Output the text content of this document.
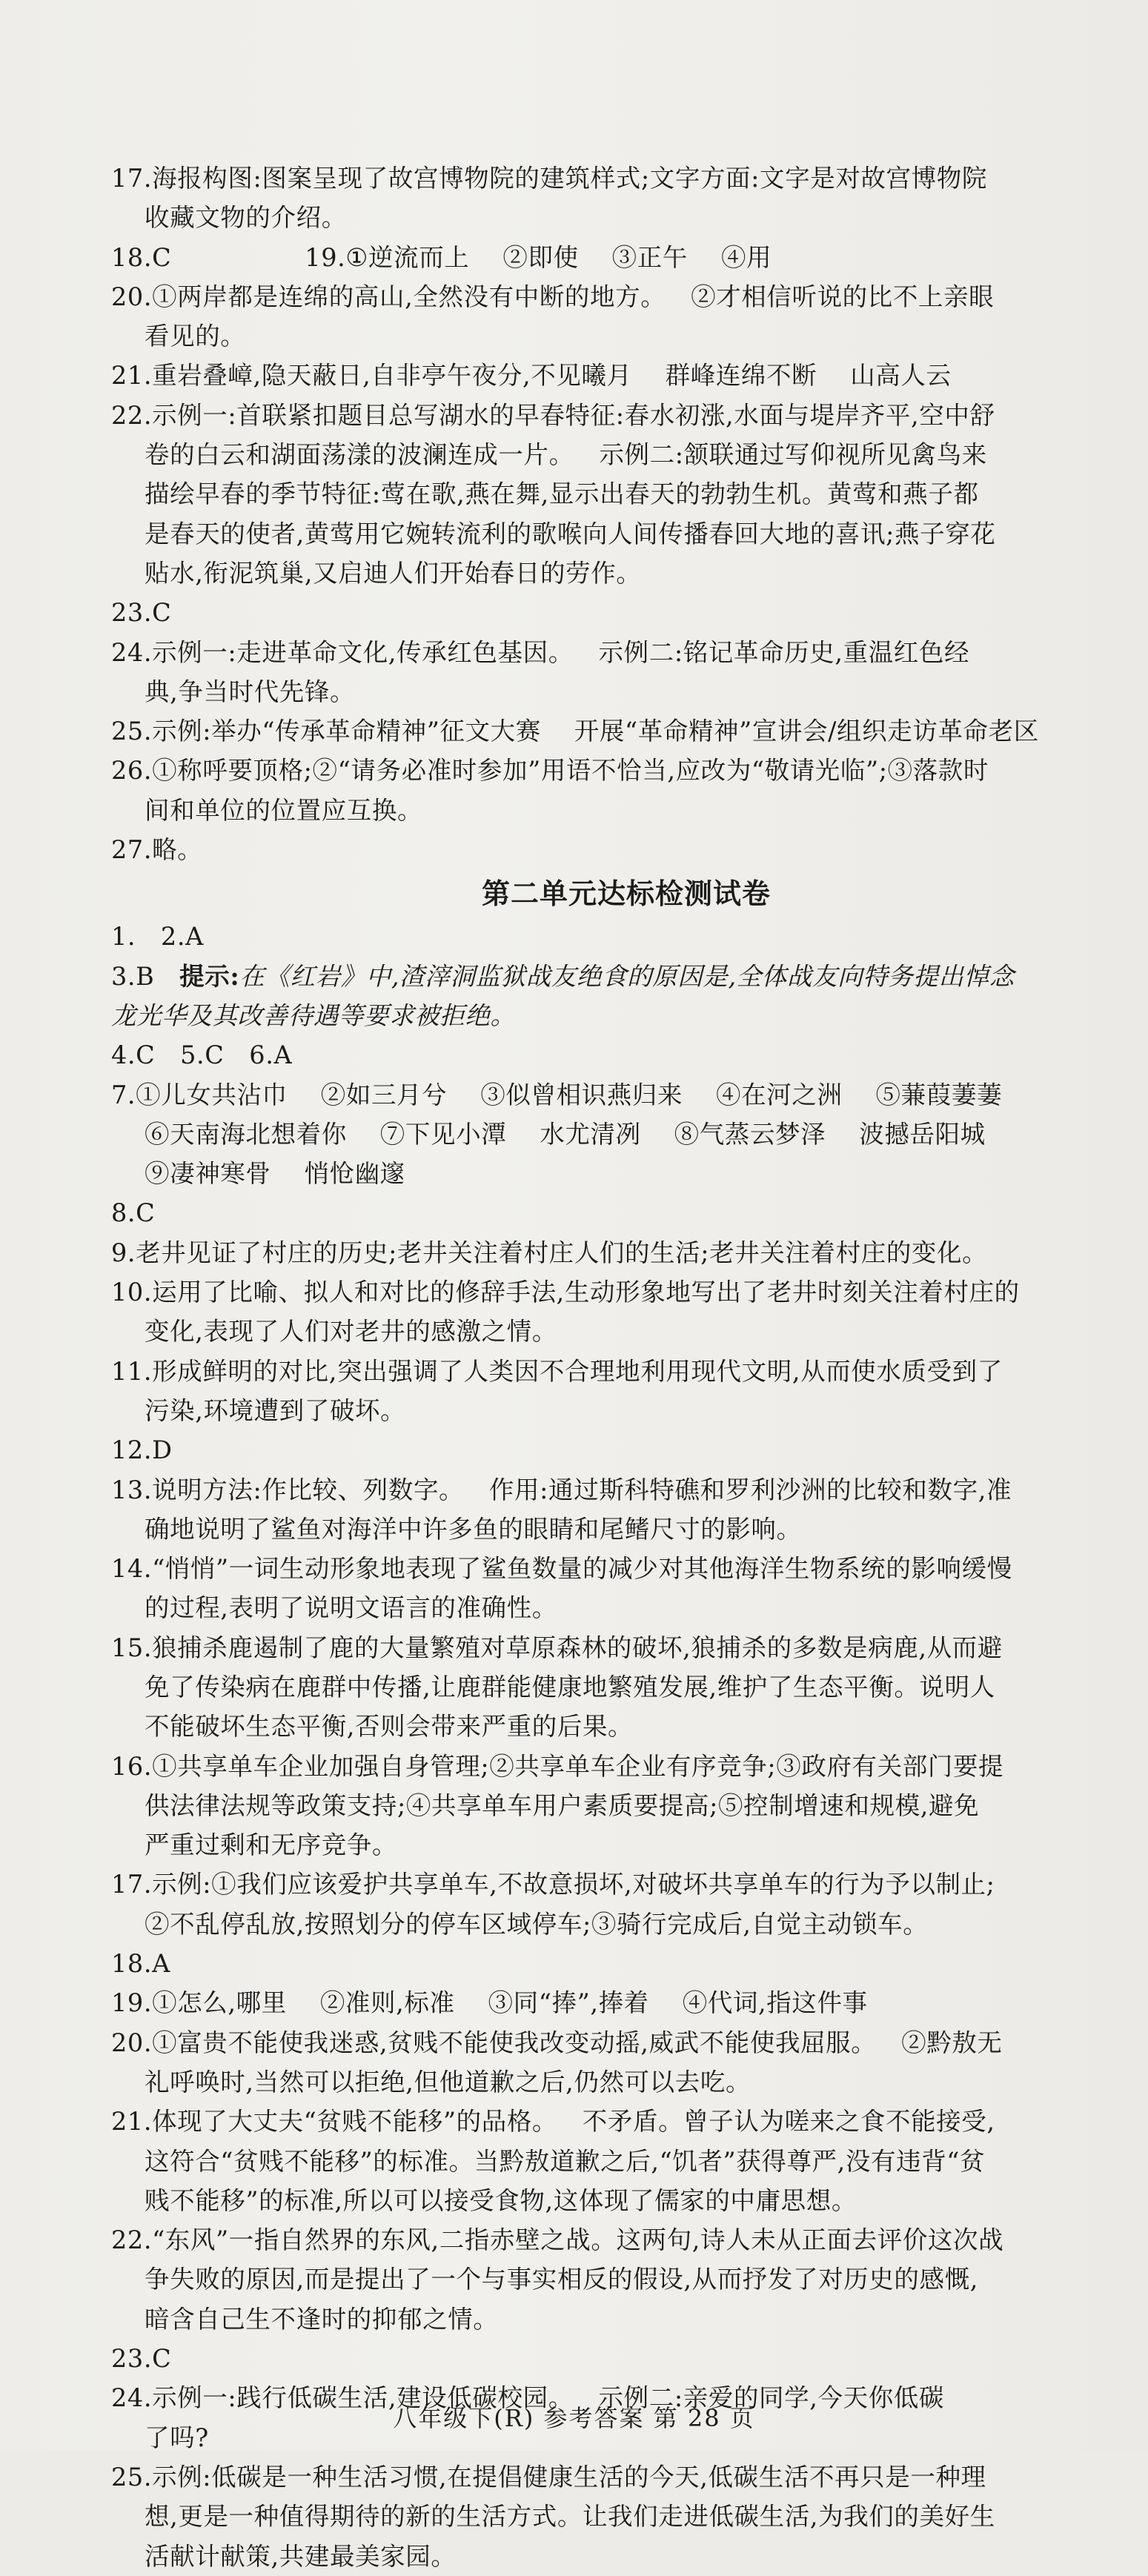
17.海报构图:图案呈现了故宫博物院的建筑样式;文字方面:文字是对故宫博物院
收藏文物的介绍。
18.C                19.①逆流而上    ②即使    ③正午    ④用
20.①两岸都是连绵的高山,全然没有中断的地方。   ②才相信听说的比不上亲眼
看见的。
21.重岩叠嶂,隐天蔽日,自非亭午夜分,不见曦月    群峰连绵不断    山高人云
22.示例一:首联紧扣题目总写湖水的早春特征:春水初涨,水面与堤岸齐平,空中舒
卷的白云和湖面荡漾的波澜连成一片。   示例二:颔联通过写仰视所见禽鸟来
描绘早春的季节特征:莺在歌,燕在舞,显示出春天的勃勃生机。黄莺和燕子都
是春天的使者,黄莺用它婉转流利的歌喉向人间传播春回大地的喜讯;燕子穿花
贴水,衔泥筑巢,又启迪人们开始春日的劳作。
23.C
24.示例一:走进革命文化,传承红色基因。   示例二:铭记革命历史,重温红色经
典,争当时代先锋。
25.示例:举办“传承革命精神”征文大赛    开展“革命精神”宣讲会/组织走访革命老区
26.①称呼要顶格;②“请务必准时参加”用语不恰当,应改为“敬请光临”;③落款时
间和单位的位置应互换。
27.略。
第二单元达标检测试卷
1.   2.A
3.B   提示:在《红岩》中,渣滓洞监狱战友绝食的原因是,全体战友向特务提出悼念
龙光华及其改善待遇等要求被拒绝。
4.C   5.C   6.A
7.①儿女共沾巾    ②如三月兮    ③似曾相识燕归来    ④在河之洲    ⑤蒹葭萋萋
⑥天南海北想着你    ⑦下见小潭    水尤清冽    ⑧气蒸云梦泽    波撼岳阳城
⑨凄神寒骨    悄怆幽邃
8.C
9.老井见证了村庄的历史;老井关注着村庄人们的生活;老井关注着村庄的变化。
10.运用了比喻、拟人和对比的修辞手法,生动形象地写出了老井时刻关注着村庄的
变化,表现了人们对老井的感激之情。
11.形成鲜明的对比,突出强调了人类因不合理地利用现代文明,从而使水质受到了
污染,环境遭到了破坏。
12.D
13.说明方法:作比较、列数字。   作用:通过斯科特礁和罗利沙洲的比较和数字,准
确地说明了鲨鱼对海洋中许多鱼的眼睛和尾鳍尺寸的影响。
14.“悄悄”一词生动形象地表现了鲨鱼数量的减少对其他海洋生物系统的影响缓慢
的过程,表明了说明文语言的准确性。
15.狼捕杀鹿遏制了鹿的大量繁殖对草原森林的破坏,狼捕杀的多数是病鹿,从而避
免了传染病在鹿群中传播,让鹿群能健康地繁殖发展,维护了生态平衡。说明人
不能破坏生态平衡,否则会带来严重的后果。
16.①共享单车企业加强自身管理;②共享单车企业有序竞争;③政府有关部门要提
供法律法规等政策支持;④共享单车用户素质要提高;⑤控制增速和规模,避免
严重过剩和无序竞争。
17.示例:①我们应该爱护共享单车,不故意损坏,对破坏共享单车的行为予以制止;
②不乱停乱放,按照划分的停车区域停车;③骑行完成后,自觉主动锁车。
18.A
19.①怎么,哪里    ②准则,标准    ③同“捧”,捧着    ④代词,指这件事
20.①富贵不能使我迷惑,贫贱不能使我改变动摇,威武不能使我屈服。   ②黔敖无
礼呼唤时,当然可以拒绝,但他道歉之后,仍然可以去吃。
21.体现了大丈夫“贫贱不能移”的品格。   不矛盾。曾子认为嗟来之食不能接受,
这符合“贫贱不能移”的标准。当黔敖道歉之后,“饥者”获得尊严,没有违背“贫
贱不能移”的标准,所以可以接受食物,这体现了儒家的中庸思想。
22.“东风”一指自然界的东风,二指赤壁之战。这两句,诗人未从正面去评价这次战
争失败的原因,而是提出了一个与事实相反的假设,从而抒发了对历史的感慨,
暗含自己生不逢时的抑郁之情。
23.C
24.示例一:践行低碳生活,建设低碳校园。   示例二:亲爱的同学,今天你低碳
了吗?
25.示例:低碳是一种生活习惯,在提倡健康生活的今天,低碳生活不再只是一种理
想,更是一种值得期待的新的生活方式。让我们走进低碳生活,为我们的美好生
活献计献策,共建最美家园。
八年级下(R) 参考答案 第 28 页
